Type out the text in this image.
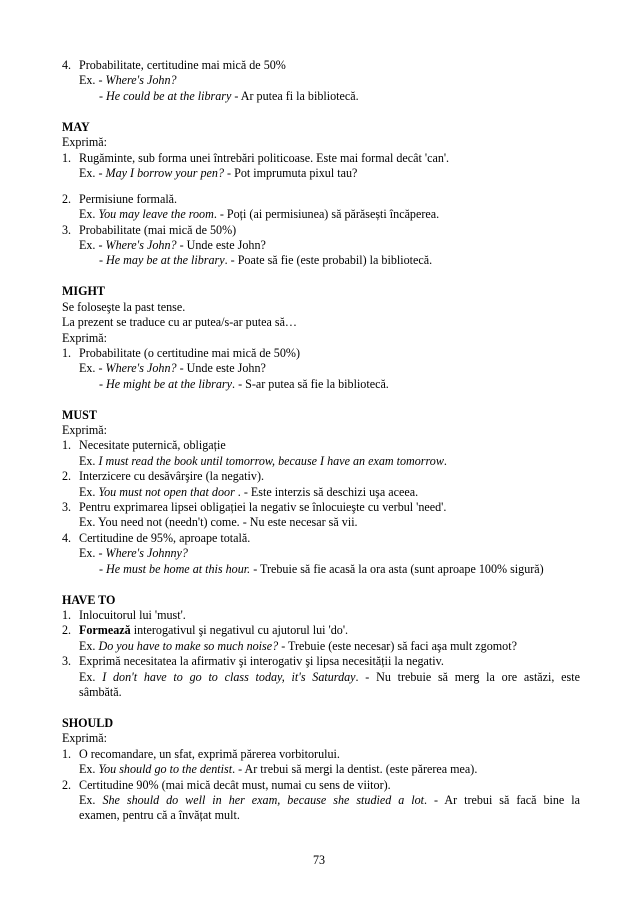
4. Probabilitate, certitudine mai mică de 50%
Ex. - Where's John?
- He could be at the library - Ar putea fi la bibliotecă.
MAY
Exprimă:
1. Rugăminte, sub forma unei întrebări politicoase. Este mai formal decât 'can'.
Ex. - May I borrow your pen? - Pot imprumuta pixul tau?
2. Permisiune formală.
Ex. You may leave the room. - Poți (ai permisiunea) să părăsești încăperea.
3. Probabilitate (mai mică de 50%)
Ex. - Where's John? - Unde este John?
- He may be at the library. - Poate să fie (este probabil) la bibliotecă.
MIGHT
Se foloseşte la past tense.
La prezent se traduce cu ar putea/s-ar putea să…
Exprimă:
1. Probabilitate (o certitudine mai mică de 50%)
Ex. - Where's John? - Unde este John?
- He might be at the library. - S-ar putea să fie la bibliotecă.
MUST
Exprimă:
1. Necesitate puternică, obligație
Ex. I must read the book until tomorrow, because I have an exam tomorrow.
2. Interzicere cu desăvârşire (la negativ).
Ex. You must not open that door . - Este interzis să deschizi uşa aceea.
3. Pentru exprimarea lipsei obligației la negativ se înlocuieşte cu verbul 'need'.
Ex. You need not (needn't) come. - Nu este necesar să vii.
4. Certitudine de 95%, aproape totală.
Ex. - Where's Johnny?
- He must be home at this hour. - Trebuie să fie acasă la ora asta (sunt aproape 100% sigură)
HAVE TO
1. Inlocuitorul lui 'must'.
2. Formează interogativul şi negativul cu ajutorul lui 'do'.
Ex. Do you have to make so much noise? - Trebuie (este necesar) să faci aşa mult zgomot?
3. Exprimă necesitatea la afirmativ şi interogativ şi lipsa necesității la negativ.
Ex. I don't have to go to class today, it's Saturday. - Nu trebuie să merg la ore astăzi, este
sâmbătă.
SHOULD
Exprimă:
1. O recomandare, un sfat, exprimă părerea vorbitorului.
Ex. You should go to the dentist. - Ar trebui să mergi la dentist. (este părerea mea).
2. Certitudine 90% (mai mică decât must, numai cu sens de viitor).
Ex. She should do well in her exam, because she studied a lot. - Ar trebui să facă bine la
examen, pentru că a învățat mult.
73
